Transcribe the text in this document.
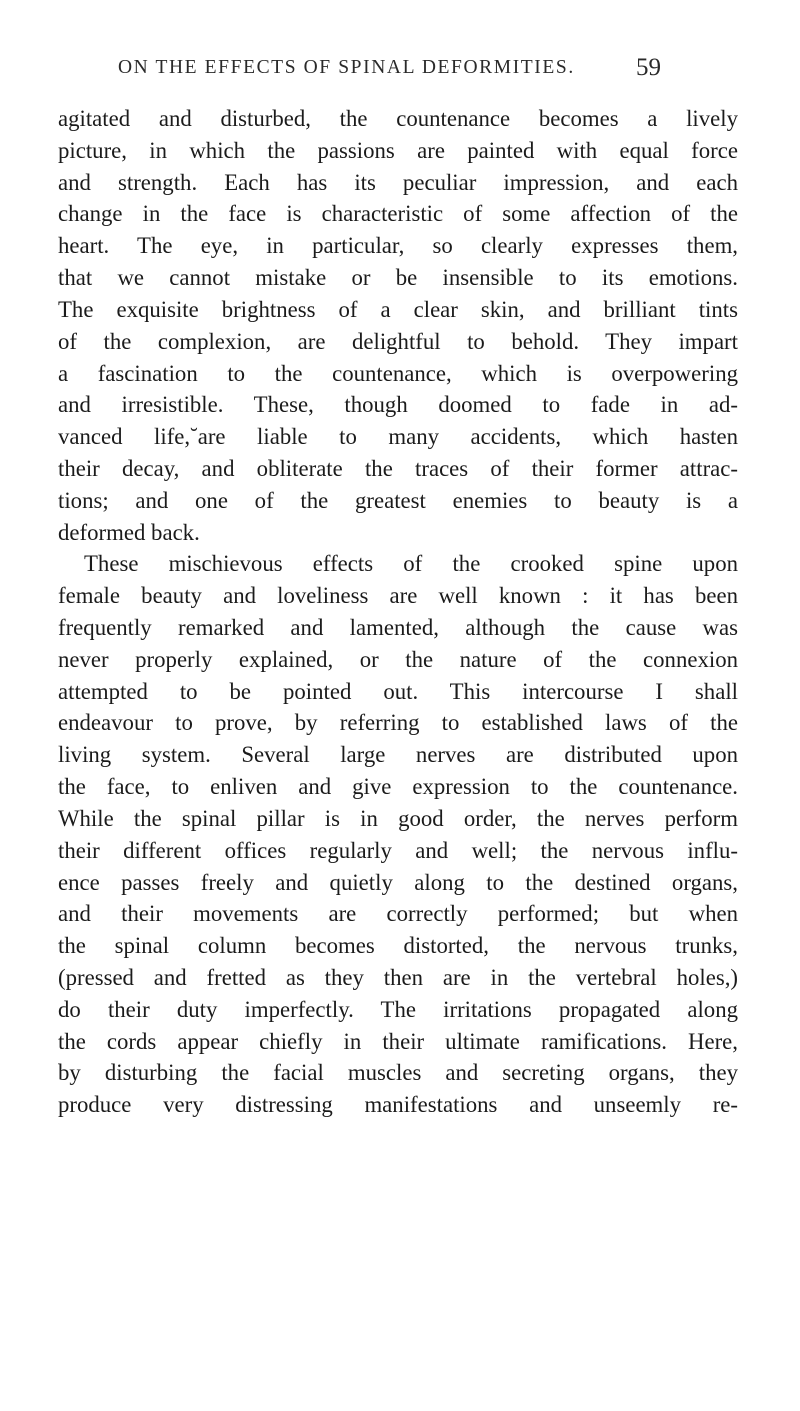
ON THE EFFECTS OF SPINAL DEFORMITIES. 59
agitated and disturbed, the countenance becomes a lively
picture, in which the passions are painted with equal force
and strength. Each has its peculiar impression, and each
change in the face is characteristic of some affection of the
heart. The eye, in particular, so clearly expresses them,
that we cannot mistake or be insensible to its emotions.
The exquisite brightness of a clear skin, and brilliant tints
of the complexion, are delightful to behold. They impart
a fascination to the countenance, which is overpowering
and irresistible. These, though doomed to fade in ad-
vanced life,˘are liable to many accidents, which hasten
their decay, and obliterate the traces of their former attrac-
tions; and one of the greatest enemies to beauty is a
deformed back.
These mischievous effects of the crooked spine upon
female beauty and loveliness are well known : it has been
frequently remarked and lamented, although the cause was
never properly explained, or the nature of the connexion
attempted to be pointed out. This intercourse I shall
endeavour to prove, by referring to established laws of the
living system. Several large nerves are distributed upon
the face, to enliven and give expression to the countenance.
While the spinal pillar is in good order, the nerves perform
their different offices regularly and well; the nervous influ-
ence passes freely and quietly along to the destined organs,
and their movements are correctly performed; but when
the spinal column becomes distorted, the nervous trunks,
(pressed and fretted as they then are in the vertebral holes,)
do their duty imperfectly. The irritations propagated along
the cords appear chiefly in their ultimate ramifications. Here,
by disturbing the facial muscles and secreting organs, they
produce very distressing manifestations and unseemly re-
